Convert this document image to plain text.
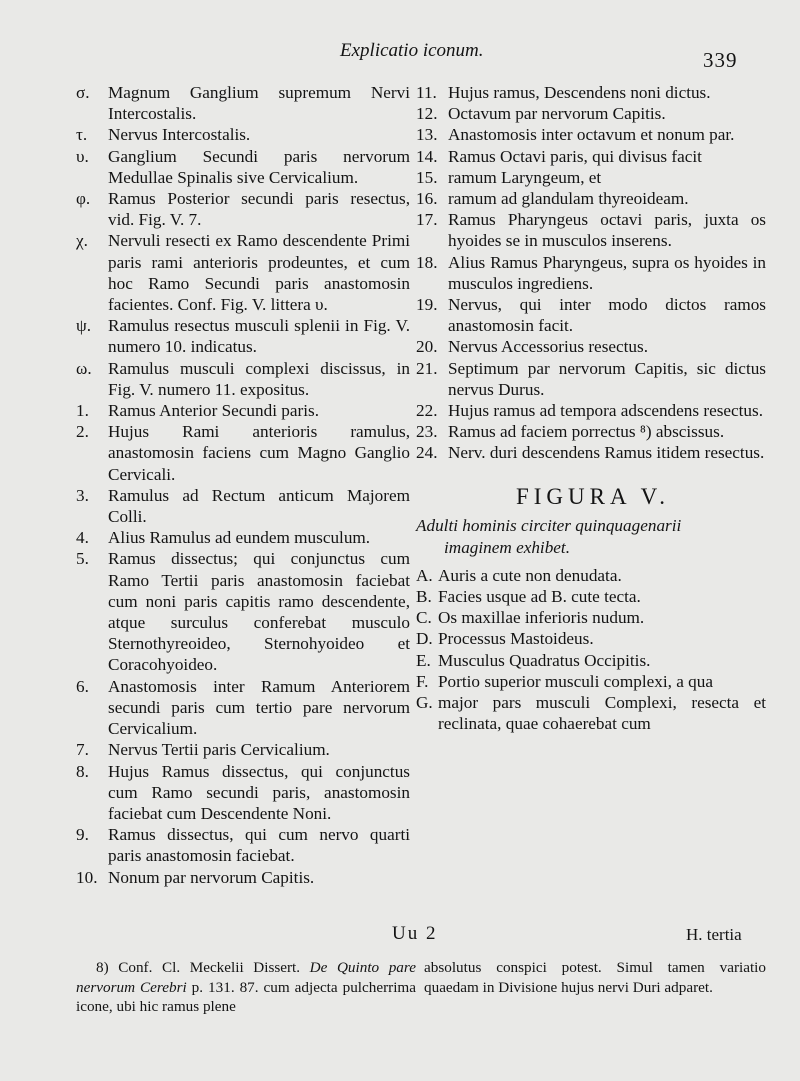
Explicatio iconum.	339
σ. Magnum Ganglium supremum Nervi Intercostalis.
τ. Nervus Intercostalis.
υ. Ganglium Secundi paris nervorum Medullae Spinalis sive Cervicalium.
φ. Ramus Posterior secundi paris resectus, vid. Fig. V. 7.
χ. Nervuli resecti ex Ramo descendente Primi paris rami anterioris prodeuntes, et cum hoc Ramo Secundi paris anastomosin facientes. Conf. Fig. V. littera υ.
ψ. Ramulus resectus musculi splenii in Fig. V. numero 10. indicatus.
ω. Ramulus musculi complexi discissus, in Fig. V. numero 11. expositus.
1. Ramus Anterior Secundi paris.
2. Hujus Rami anterioris ramulus, anastomosin faciens cum Magno Ganglio Cervicali.
3. Ramulus ad Rectum anticum Majorem Colli.
4. Alius Ramulus ad eundem musculum.
5. Ramus dissectus; qui conjunctus cum Ramo Tertii paris anastomosin faciebat cum noni paris capitis ramo descendente, atque surculus conferebat musculo Sternothyreoideo, Sternohyoideo et Coracohyoideo.
6. Anastomosis inter Ramum Anteriorem secundi paris cum tertio pare nervorum Cervicalium.
7. Nervus Tertii paris Cervicalium.
8. Hujus Ramus dissectus, qui conjunctus cum Ramo secundi paris, anastomosin faciebat cum Descendente Noni.
9. Ramus dissectus, qui cum nervo quarti paris anastomosin faciebat.
10. Nonum par nervorum Capitis.
11. Hujus ramus, Descendens noni dictus.
12. Octavum par nervorum Capitis.
13. Anastomosis inter octavum et nonum par.
14. Ramus Octavi paris, qui divisus facit
15. ramum Laryngeum, et
16. ramum ad glandulam thyreoideam.
17. Ramus Pharyngeus octavi paris, juxta os hyoides se in musculos inserens.
18. Alius Ramus Pharyngeus, supra os hyoides in musculos ingrediens.
19. Nervus, qui inter modo dictos ramos anastomosin facit.
20. Nervus Accessorius resectus.
21. Septimum par nervorum Capitis, sic dictus nervus Durus.
22. Hujus ramus ad tempora adscendens resectus.
23. Ramus ad faciem porrectus ⁸) abscissus.
24. Nerv. duri descendens Ramus itidem resectus.
FIGURA V.
Adulti hominis circiter quinquagenarii
imaginem exhibet.
A. Auris a cute non denudata.
B. Facies usque ad B. cute tecta.
C. Os maxillae inferioris nudum.
D. Processus Mastoideus.
E. Musculus Quadratus Occipitis.
F. Portio superior musculi complexi, a qua
G. major pars musculi Complexi, resecta et reclinata, quae cohaerebat cum
Uu 2	H. tertia
8) Conf. Cl. Meckelii Dissert. De Quinto pare nervorum Cerebri p. 131. 87. cum adjecta pulcherrima icone, ubi hic ramus plene
absolutus conspici potest. Simul tamen variatio quaedam in Divisione hujus nervi Duri adparet.
